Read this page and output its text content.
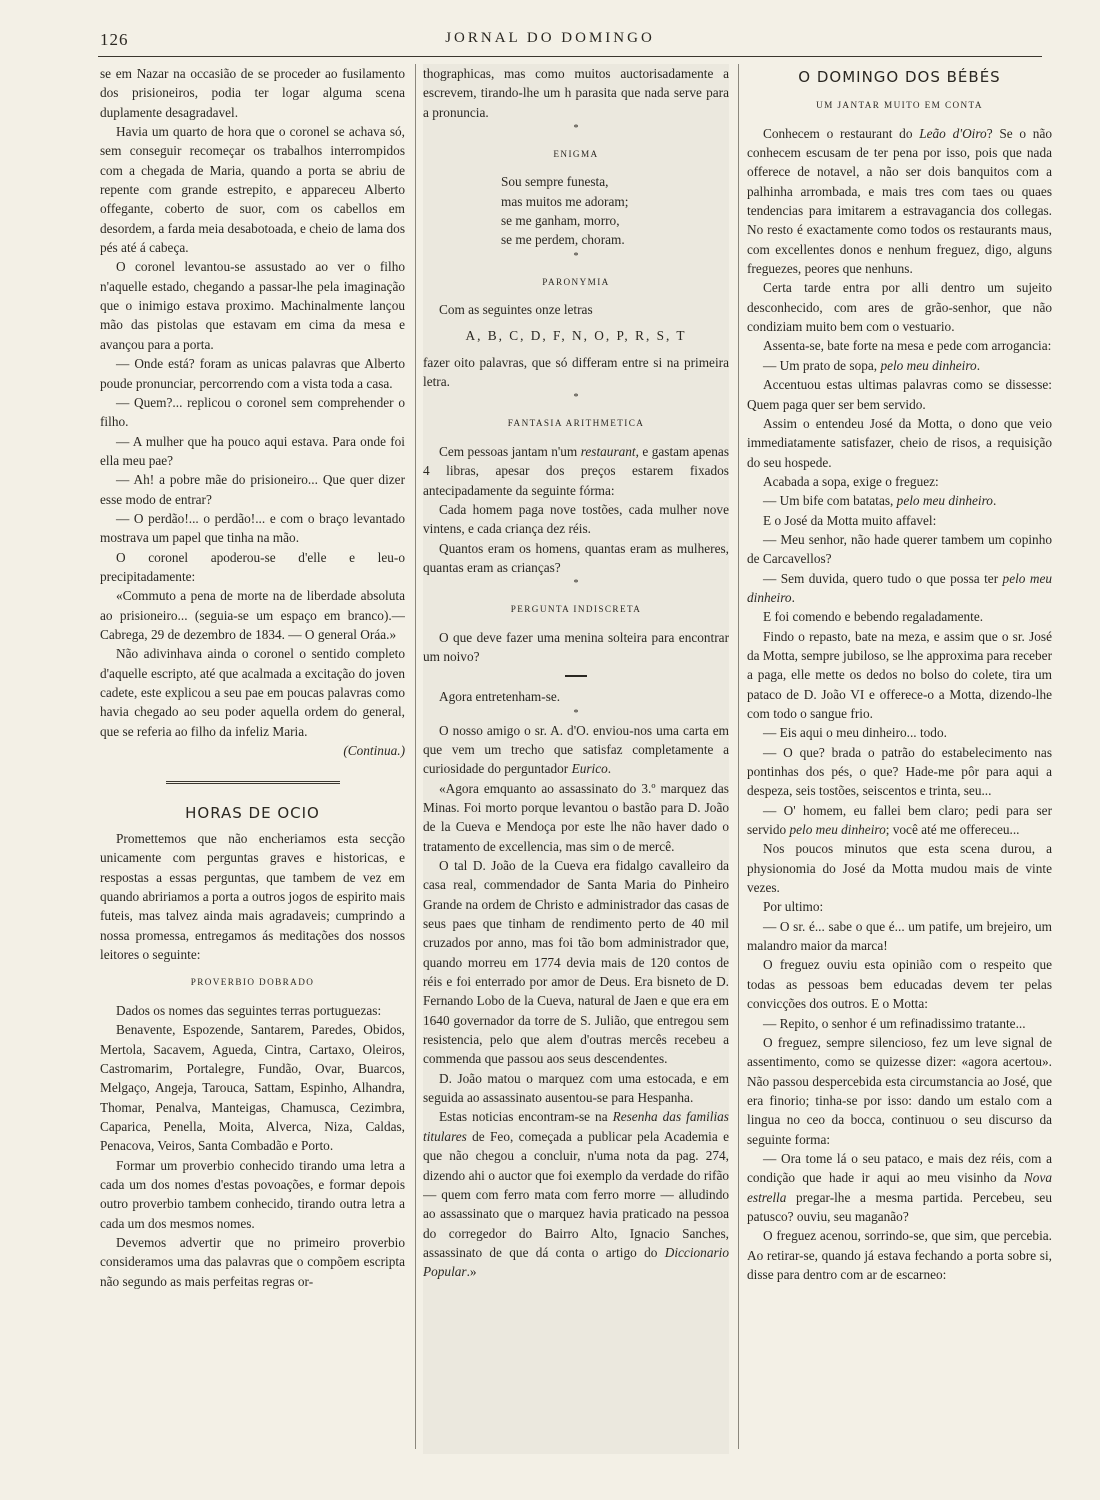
126	JORNAL DO DOMINGO

se em Nazar na occasião de se proceder ao fusilamento dos prisioneiros, podia ter logar alguma scena duplamente desagradavel.

Havia um quarto de hora que o coronel se achava só, sem conseguir recomeçar os trabalhos interrompidos com a chegada de Maria, quando a porta se abriu de repente com grande estrepito, e appareceu Alberto offegante, coberto de suor, com os cabellos em desordem, a farda meia desabotoada, e cheio de lama dos pés até á cabeça.

O coronel levantou-se assustado ao ver o filho n'aquelle estado, chegando a passar-lhe pela imaginação que o inimigo estava proximo. Machinalmente lançou mão das pistolas que estavam em cima da mesa e avançou para a porta.

— Onde está? foram as unicas palavras que Alberto poude pronunciar, percorrendo com a vista toda a casa.

— Quem?... replicou o coronel sem comprehender o filho.

— A mulher que ha pouco aqui estava. Para onde foi ella meu pae?

— Ah! a pobre mãe do prisioneiro... Que quer dizer esse modo de entrar?

— O perdão!... o perdão!... e com o braço levantado mostrava um papel que tinha na mão.

O coronel apoderou-se d'elle e leu-o precipitadamente:

«Commuto a pena de morte na de liberdade absoluta ao prisioneiro... (seguia-se um espaço em branco).—Cabrega, 29 de dezembro de 1834. — O general Oráa.»

Não adivinhava ainda o coronel o sentido completo d'aquelle escripto, até que acalmada a excitação do joven cadete, este explicou a seu pae em poucas palavras como havia chegado ao seu poder aquella ordem do general, que se referia ao filho da infeliz Maria.

(Continua.)

HORAS DE OCIO

Promettemos que não encheriamos esta secção unicamente com perguntas graves e historicas, e respostas a essas perguntas, que tambem de vez em quando abririamos a porta a outros jogos de espirito mais futeis, mas talvez ainda mais agradaveis; cumprindo a nossa promessa, entregamos ás meditações dos nossos leitores o seguinte:

PROVERBIO DOBRADO

Dados os nomes das seguintes terras portuguezas:

Benavente, Espozende, Santarem, Paredes, Obidos, Mertola, Sacavem, Agueda, Cintra, Cartaxo, Oleiros, Castromarim, Portalegre, Fundão, Ovar, Buarcos, Melgaço, Angeja, Tarouca, Sattam, Espinho, Alhandra, Thomar, Penalva, Manteigas, Chamusca, Cezimbra, Caparica, Penella, Moita, Alverca, Niza, Caldas, Penacova, Veiros, Santa Combadão e Porto.

Formar um proverbio conhecido tirando uma letra a cada um dos nomes d'estas povoações, e formar depois outro proverbio tambem conhecido, tirando outra letra a cada um dos mesmos nomes.

Devemos advertir que no primeiro proverbio consideramos uma das palavras que o compõem escripta não segundo as mais perfeitas regras or-

thographicas, mas como muitos auctorisadamente a escrevem, tirando-lhe um h parasita que nada serve para a pronuncia.

*
ENIGMA

Sou sempre funesta,

mas muitos me adoram;

se me ganham, morro,

se me perdem, choram.

*
PARONYMIA

Com as seguintes onze letras

A, B, C, D, F, N, O, P, R, S, T

fazer oito palavras, que só differam entre si na primeira letra.

*
FANTASIA ARITHMETICA

Cem pessoas jantam n'um restaurant, e gastam apenas 4 libras, apesar dos preços estarem fixados antecipadamente da seguinte fórma:

Cada homem paga nove tostões, cada mulher nove vintens, e cada criança dez réis.

Quantos eram os homens, quantas eram as mulheres, quantas eram as crianças?

*
PERGUNTA INDISCRETA

O que deve fazer uma menina solteira para encontrar um noivo?

Agora entretenham-se.

*

O nosso amigo o sr. A. d'O. enviou-nos uma carta em que vem um trecho que satisfaz completamente a curiosidade do perguntador Eurico.

«Agora emquanto ao assassinato do 3.º marquez das Minas. Foi morto porque levantou o bastão para D. João de la Cueva e Mendoça por este lhe não haver dado o tratamento de excellencia, mas sim o de mercê.

O tal D. João de la Cueva era fidalgo cavalleiro da casa real, commendador de Santa Maria do Pinheiro Grande na ordem de Christo e administrador das casas de seus paes que tinham de rendimento perto de 40 mil cruzados por anno, mas foi tão bom administrador que, quando morreu em 1774 devia mais de 120 contos de réis e foi enterrado por amor de Deus. Era bisneto de D. Fernando Lobo de la Cueva, natural de Jaen e que era em 1640 governador da torre de S. Julião, que entregou sem resistencia, pelo que alem d'outras mercês recebeu a commenda que passou aos seus descendentes.

D. João matou o marquez com uma estocada, e em seguida ao assassinato ausentou-se para Hespanha.

Estas noticias encontram-se na Resenha das familias titulares de Feo, começada a publicar pela Academia e que não chegou a concluir, n'uma nota da pag. 274, dizendo ahi o auctor que foi exemplo da verdade do rifão — quem com ferro mata com ferro morre — alludindo ao assassinato que o marquez havia praticado na pessoa do corregedor do Bairro Alto, Ignacio Sanches, assassinato de que dá conta o artigo do Diccionario Popular.»

O DOMINGO DOS BÉBÉS
UM JANTAR MUITO EM CONTA

Conhecem o restaurant do Leão d'Oiro? Se o não conhecem escusam de ter pena por isso, pois que nada offerece de notavel, a não ser dois banquitos com a palhinha arrombada, e mais tres com taes ou quaes tendencias para imitarem a estravagancia dos collegas. No resto é exactamente como todos os restaurants maus, com excellentes donos e nenhum freguez, digo, alguns freguezes, peores que nenhuns.

Certa tarde entra por alli dentro um sujeito desconhecido, com ares de grão-senhor, que não condiziam muito bem com o vestuario.

Assenta-se, bate forte na mesa e pede com arrogancia:

— Um prato de sopa, pelo meu dinheiro.

Accentuou estas ultimas palavras como se dissesse: Quem paga quer ser bem servido.

Assim o entendeu José da Motta, o dono que veio immediatamente satisfazer, cheio de risos, a requisição do seu hospede.

Acabada a sopa, exige o freguez:

— Um bife com batatas, pelo meu dinheiro.

E o José da Motta muito affavel:

— Meu senhor, não hade querer tambem um copinho de Carcavellos?

— Sem duvida, quero tudo o que possa ter pelo meu dinheiro.

E foi comendo e bebendo regaladamente.

Findo o repasto, bate na meza, e assim que o sr. José da Motta, sempre jubiloso, se lhe approxima para receber a paga, elle mette os dedos no bolso do colete, tira um pataco de D. João VI e offerece-o a Motta, dizendo-lhe com todo o sangue frio.

— Eis aqui o meu dinheiro... todo.

— O que? brada o patrão do estabelecimento nas pontinhas dos pés, o que? Hade-me pôr para aqui a despeza, seis tostões, seiscentos e trinta, seu...

— O' homem, eu fallei bem claro; pedi para ser servido pelo meu dinheiro; você até me offereceu...

Nos poucos minutos que esta scena durou, a physionomia do José da Motta mudou mais de vinte vezes.

Por ultimo:

— O sr. é... sabe o que é... um patife, um brejeiro, um malandro maior da marca!

O freguez ouviu esta opinião com o respeito que todas as pessoas bem educadas devem ter pelas convicções dos outros. E o Motta:

— Repito, o senhor é um refinadissimo tratante...

O freguez, sempre silencioso, fez um leve signal de assentimento, como se quizesse dizer: «agora acertou». Não passou despercebida esta circumstancia ao José, que era finorio; tinha-se por isso: dando um estalo com a lingua no ceo da bocca, continuou o seu discurso da seguinte forma:

— Ora tome lá o seu pataco, e mais dez réis, com a condição que hade ir aqui ao meu visinho da Nova estrella pregar-lhe a mesma partida. Percebeu, seu patusco? ouviu, seu maganão?

O freguez acenou, sorrindo-se, que sim, que percebia. Ao retirar-se, quando já estava fechando a porta sobre si, disse para dentro com ar de escarneo:
